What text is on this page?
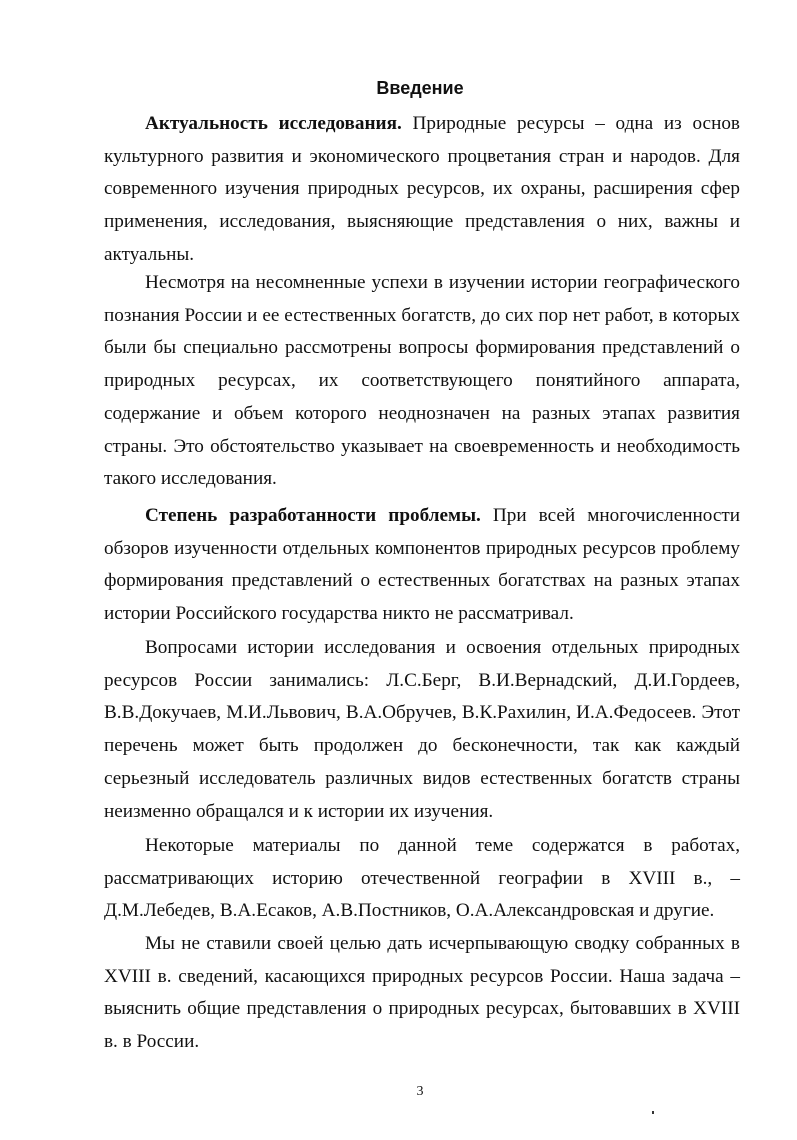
Введение

Актуальность исследования. Природные ресурсы – одна из основ культурного развития и экономического процветания стран и народов. Для современного изучения природных ресурсов, их охраны, расширения сфер применения, исследования, выясняющие представления о них, важны и актуальны.

Несмотря на несомненные успехи в изучении истории географического познания России и ее естественных богатств, до сих пор нет работ, в которых были бы специально рассмотрены вопросы формирования представлений о природных ресурсах, их соответствующего понятийного аппарата, содержание и объем которого неоднозначен на разных этапах развития страны. Это обстоятельство указывает на своевременность и необходимость такого исследования.

Степень разработанности проблемы. При всей многочисленности обзоров изученности отдельных компонентов природных ресурсов проблему формирования представлений о естественных богатствах на разных этапах истории Российского государства никто не рассматривал.

Вопросами истории исследования и освоения отдельных природных ресурсов России занимались: Л.С.Берг, В.И.Вернадский, Д.И.Гордеев, В.В.Докучаев, М.И.Львович, В.А.Обручев, В.К.Рахилин, И.А.Федосеев. Этот перечень может быть продолжен до бесконечности, так как каждый серьезный исследователь различных видов естественных богатств страны неизменно обращался и к истории их изучения.

Некоторые материалы по данной теме содержатся в работах, рассматривающих историю отечественной географии в XVIII в., – Д.М.Лебедев, В.А.Есаков, А.В.Постников, О.А.Александровская и другие.

Мы не ставили своей целью дать исчерпывающую сводку собранных в XVIII в. сведений, касающихся природных ресурсов России. Наша задача – выяснить общие представления о природных ресурсах, бытовавших в XVIII в. в России.

3
